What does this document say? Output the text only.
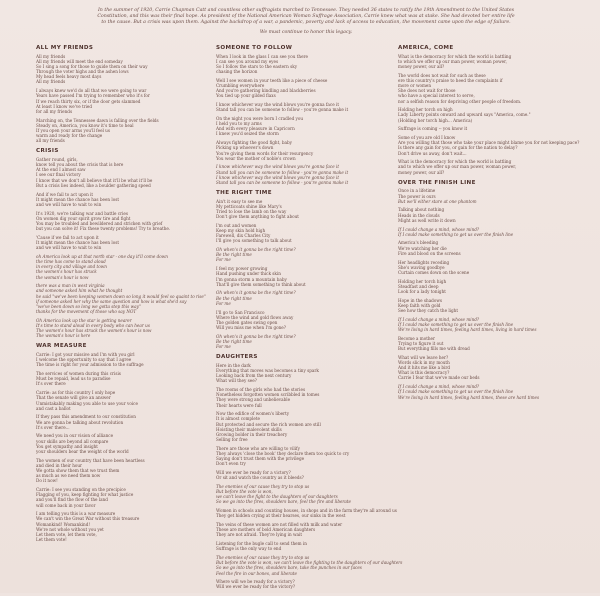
In the summer of 1920, Carrie Chapman Catt and countless other suffragists marched to Tennessee. They needed 36 states to ratify the 19th Amendment to the United States Constitution, and this was their final hope. As president of the National American Woman Suffrage Association, Carrie knew what was at stake. She had devoted her entire life to the cause. But a crisis was upon them. Against the backdrop of a war, a pandemic, poverty and lack of access to education, the movement came upon the edge of failure.
We must continue to honor this legacy.
ALL MY FRIENDS
All my friends
All my friends will meet the end someday
So I sing a song for those to guide them on their way
Through the voter highs and the ashen lows
My head feels heavy most days
All my friends
I always knew we'd do all that we were going to war
Years have passed I'm trying to remember who it's for
If we reach thirty six, or if the door gets slammed
At least I know we've tried
for all my friends
Marching on, the Tennessee dawn is falling over the fields
Steady on, America, you know it's time to heal
If you open your arms you'll feel us
warm and ready for the change
all my friends
CRISIS
Gather round, girls,
know tell you about the crisis that is here
At the end I almost saw
I see our final victory
I know that we don't all believe that it'll be what it'll be
But a crisis lies indeed, like a boulder gathering speed
And if we fail to act upon it
It might mean the chance has been lost
and we will have to wait to win
It's 1920, we're talking war and battle cries
On women dig your spirit grow tire and fight
You may be troubled and bewildered and stricken with grief
but you can solve it! Fix these twenty problems! Try to breathe.
'Cause if we fail to act upon it
It might mean the chance has been lost
and we will have to wait to win
oh America look up at that north star - one day it'll come down
the time has come to stand aloud
in every city and village and town
the women's hour has struck
the woman's hour is now
there was a man in west virginia
and someone asked him what he thought
he said "we've been keeping women down so long it would feel so quaint to rise"
if someone asked her why the same question and how is what she'd say
"we've been down so long we gotta step this way"
thanks for the movement of those who say NOT
Oh America look up the star is getting nearer
It's time to stand aloud in every body who can hear us
The women's hour has struck the women's hour is now
The woman's hour is here
WAR MEASURE
Carrie: I got your missive and I'm with you girl
I welcome the opportunity to say that I agree
The time is right for your admission to the suffrage
The services of women during this crisis
Must be repaid, lead us to paradise
It's over there
Carrie: as for this country I only hope
That the senate will give an answer
Unmistakably making you able to use your voice
and cast a ballot
If they pass this amendment to our constitution
We are gonna be talking about revolution
It's over there...
We need you in our vision of alliance
your skills are beyond all compare
You get sympathy and insight
your shoulders bear the weight of the world
The women of our country that have been heartless
and died in their hour
We gotta show them that we trust them
as much as we need them now
Do it now!
Carrie: I see you standing on the precipice
Flagging of you, keep fighting for what justice
and you'll find the flow of the land
will come back in your favor
I am telling you this is a war measure
We can't win the Great War without this treasure
Womankind! Womankind!
We're not whole without you yet
Let them vote, let them vote,
Let them vote!
SOMEONE TO FOLLOW
When I look in the glass I can see you there
I can see you around my eyes
So I follow the stars to the eastern sky
chasing the horizon
Well I see women in your teeth like a piece of cheese
Crumbling everywhere
And you're gathering kindling and blackberries
You tied up your gilded flaxs
I know whichever way the wind blows you're gonna face it
Stand tall you can be someone to follow - you're gonna make it
On the night you were born I cradled you
I held you to my arms
And with every pleasure in Capricorn
I knew you'd seized the storm
Always fighting the good fight, baby
Picking up whoever's down
You're giving them words for their resurgency
You wear the mother of noble's crown
I know whichever way the wind blows you're gonna face it
Stand tall you can be someone to follow - you're gonna make it
I know whichever way the wind blows you're gonna face it
Stand tall you can be someone to follow - you're gonna make it
THE RIGHT TIME
Ain't it easy to see me
My petticoats shine like Mary's
Tried to lose the lamb on the way
Don't give them anything to fight about
I'm out and women
Keep my skin hold high
Farewell, dix Charles City
I'll give you something to talk about
Oh when's it gonna be the right time?
Be the right time
For me
I feel my power growing
Hand pushing under thick skin
I'm gonna storm a mountain baby
That'll give them something to think about
Oh when's it gonna be the right time?
Be the right time
For me
I'll go to San Francisco
Where the wind and gold flows away
The golden gates swing open
Will you miss me when I'm gone?
Oh when's it gonna be the right time?
Be the right time
For me
DAUGHTERS
Here in the dark
Everything that moves was becomes a tiny spark
Looking back from the next century
What will they see?
The rooms of the girls who had the stories
Nonetheless forgotten women scribbled in tomes
They were strong and unbelievable
Their hearts were full
Now the edifice of women's liberty
It is almost complete
But protected and secure the rich women are still
Hoisting their malevolent skills
Growing bolder in their treachery
Selling for free
There are those who are willing to vilify
They always 'close the book' they declare them too quick to cry
Saying don't trust them with the privilege
Don't even try
Will we ever be ready for a victory?
Or sit and watch the country as it bleeds?
The enemies of our cause they try to stop us
But before the vote is won,
we can't leave the fight to the daughters of our daughters
So we go into the fires, shoulders bare, feel the fire and liberate
Women in schools and counting houses, in shops and in the farm they're all around us
They get hidden crying at their hearses, our sinks in the west
The veins of these women are not filled with milk and water
These are mothers of bold American daughters
They are not afraid. They're lying in wait
Listening for the bugle call to send them in
Suffrage is the only way to end
The enemies of our cause they try to stop us
But before the vote is won, we can't leave the fighting to the daughters of our daughters
So we go into the fires, shoulders bare, take the punches in our faces
Feel the fire in our bones, and liberate
Where will we be ready for a victory?
Will we ever be ready for the victory?
AMERICA, COME
What is the democracy for which the world is battling
to which we offer up our man power, woman power,
money power, our all?
The world does not wait for such as these
ere this country's praise to heed the complaints if
more or women
She does not wait for those
who have a special interest to serve,
nor a selfish reason for depriving other people of freedom.
Holding her torch on high
Lady Liberty points onward and upward says "America, come."
(Holding her torch high... America)
Suffrage is coming -- you know it
Some of you are old I know
Are you willing that those who take your place might blame you for not keeping pace?
Is there any gain for you, or gain for the nation to delay?
Don't drive us away, don't wait...
What is the democracy for which the world is battling
and to which we offer up our man power, woman power,
money power, our all?
OVER THE FINISH LINE
Once in a lifetime
The power is ours
But we'll either stare at one phantom
Talking about nothing
Heads in the clouds
Might as well write it down
If I could change a mind, whose mind?
If I could make something to get us over the finish line
America's bleeding
We're watching her die
Fire and blood on the screens
Her headlights receding
She's waving goodbye
Curtain comes down on the scene
Holding her torch high
Steadfast and deep
Look for a lady tonight
Hope in the shadows
Keep faith with gold
See how they catch the light
If I could change a mind, whose mind?
If I could make something to get us over the finish line
We're living in hard times, feeling hard times, living in hard times
Become a mother
Trying to figure it out
But everything fills me with dread
What will we leave her?
Words slick in my mouth
And it hits me like a bird
What is this democracy?
Carrie I fear that we've made our beds
If I could change a mind, whose mind?
If I could make something to get us over the finish line
We're living in hard times, feeling hard times, these are hard times
